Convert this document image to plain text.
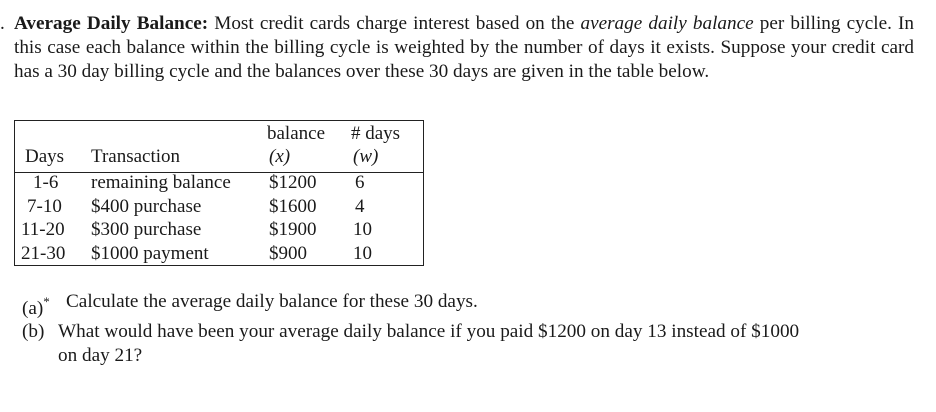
. Average Daily Balance: Most credit cards charge interest based on the average daily balance per billing cycle. In this case each balance within the billing cycle is weighted by the number of days it exists. Suppose your credit card has a 30 day billing cycle and the balances over these 30 days are given in the table below.
balance # days
Days Transaction	(x)	(w)
1-6 remaining balance $1200 6
7-10 $400 purchase	$1600 4
11-20 $300 purchase	$1900 10
21-30 $1000 payment	$900 10
(a)* Calculate the average daily balance for these 30 days.
(b) What would have been your average daily balance if you paid $1200 on day 13 instead of $1000
on day 21?
